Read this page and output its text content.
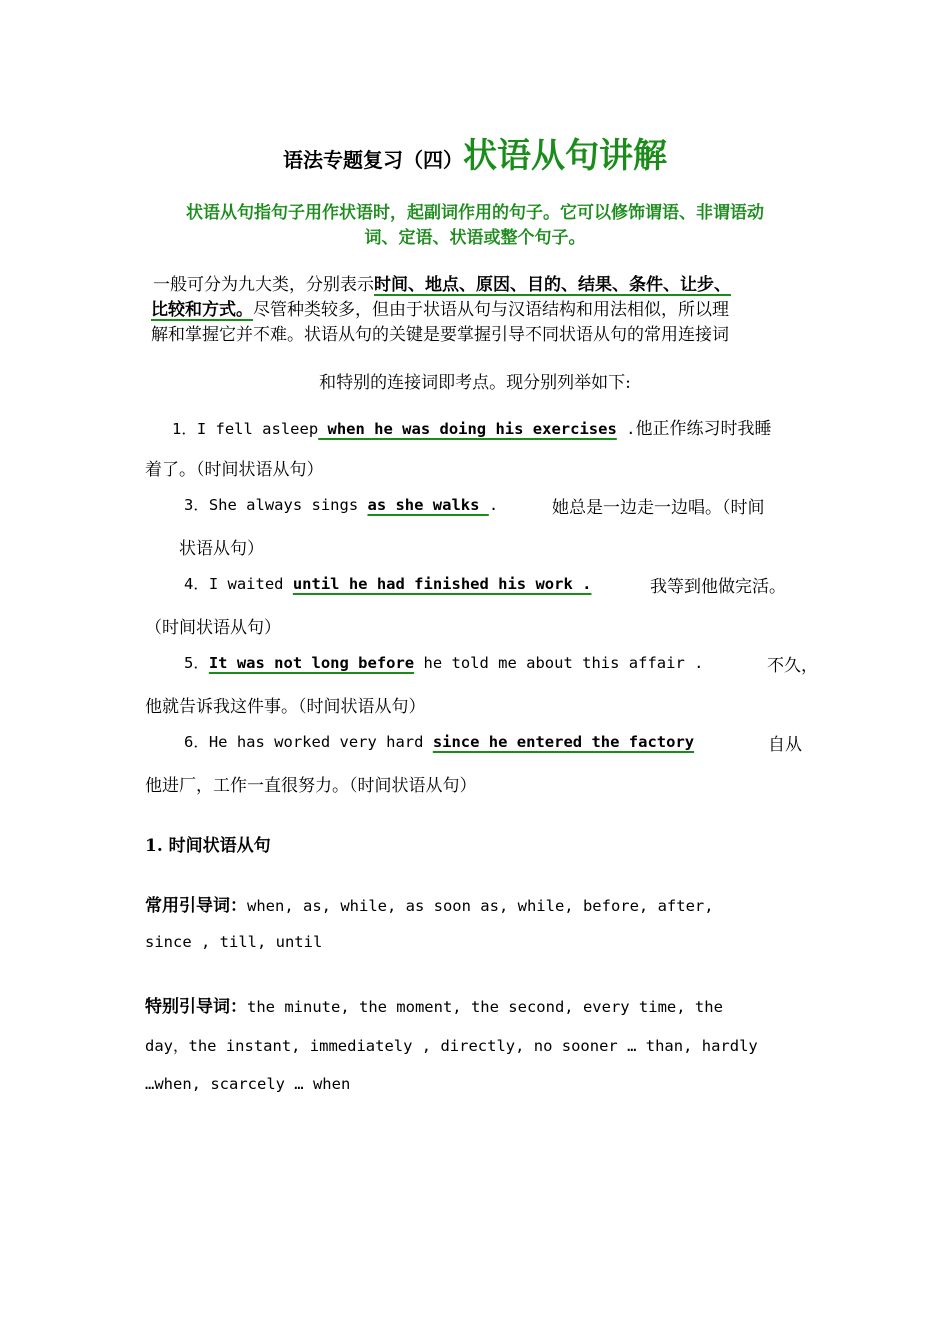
语法专题复习（四）状语从句讲解
状语从句指句子用作状语时，起副词作用的句子。它可以修饰谓语、非谓语动
词、定语、状语或整个句子。
一般可分为九大类，分别表示时间、地点、原因、目的、结果、条件、让步、
比较和方式。尽管种类较多，但由于状语从句与汉语结构和用法相似，所以理
解和掌握它并不难。状语从句的关键是要掌握引导不同状语从句的常用连接词
和特别的连接词即考点。现分别列举如下:
1．I fell asleep when he was doing his exercises .他正作练习时我睡
着了。（时间状语从句）
3．She always sings as she walks .	她总是一边走一边唱。（时间
状语从句）
4．I waited until he had finished his work .	我等到他做完活。
（时间状语从句）
5．It was not long before he told me about this affair .	不久，
他就告诉我这件事。（时间状语从句）
6．He has worked very hard since he entered the factory	自从
他进厂，工作一直很努力。（时间状语从句）
1. 时间状语从句
常用引导词：when, as, while, as soon as, while, before, after,
since , till, until
特别引导词：the minute, the moment, the second, every time, the
day，the instant, immediately , directly, no sooner … than, hardly
…when, scarcely … when
